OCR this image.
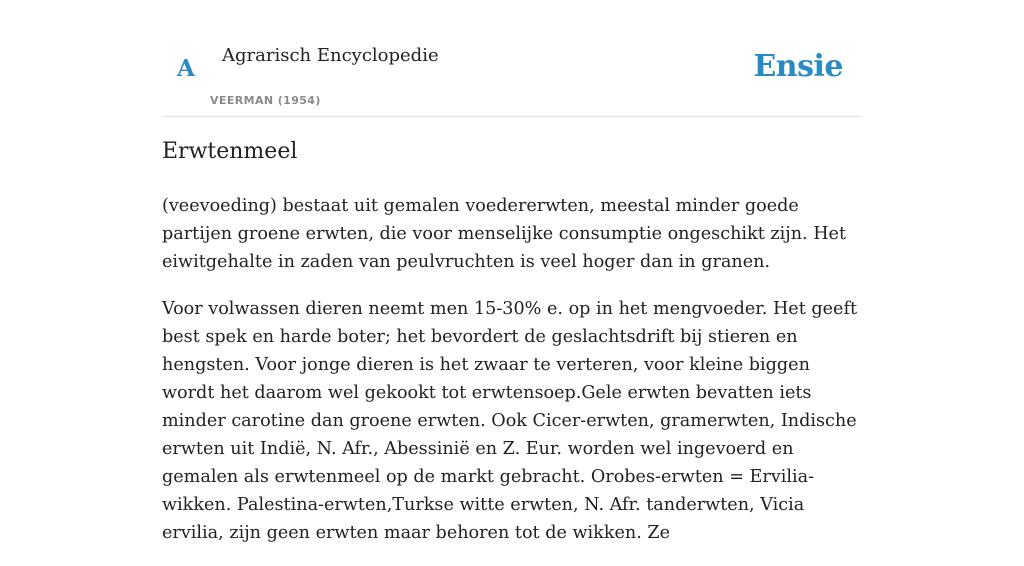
A Agrarisch Encyclopedie
VEERMAN (1954)
Ensie
Erwtenmeel

(veevoeding) bestaat uit gemalen voedererwten, meestal minder goede partijen groene erwten, die voor menselijke consumptie ongeschikt zijn. Het eiwitgehalte in zaden van peulvruchten is veel hoger dan in granen.

Voor volwassen dieren neemt men 15-30% e. op in het mengvoeder. Het geeft best spek en harde boter; het bevordert de geslachtsdrift bij stieren en hengsten. Voor jonge dieren is het zwaar te verteren, voor kleine biggen wordt het daarom wel gekookt tot erwtensoep.Gele erwten bevatten iets minder carotine dan groene erwten. Ook Cicer-erwten, gramerwten, Indische erwten uit Indië, N. Afr., Abessinië en Z. Eur. worden wel ingevoerd en gemalen als erwtenmeel op de markt gebracht. Orobes-erwten = Ervilia-wikken. Palestina-erwten,Turkse witte erwten, N. Afr. tanderwten, Vicia ervilia, zijn geen erwten maar behoren tot de wikken. Ze
